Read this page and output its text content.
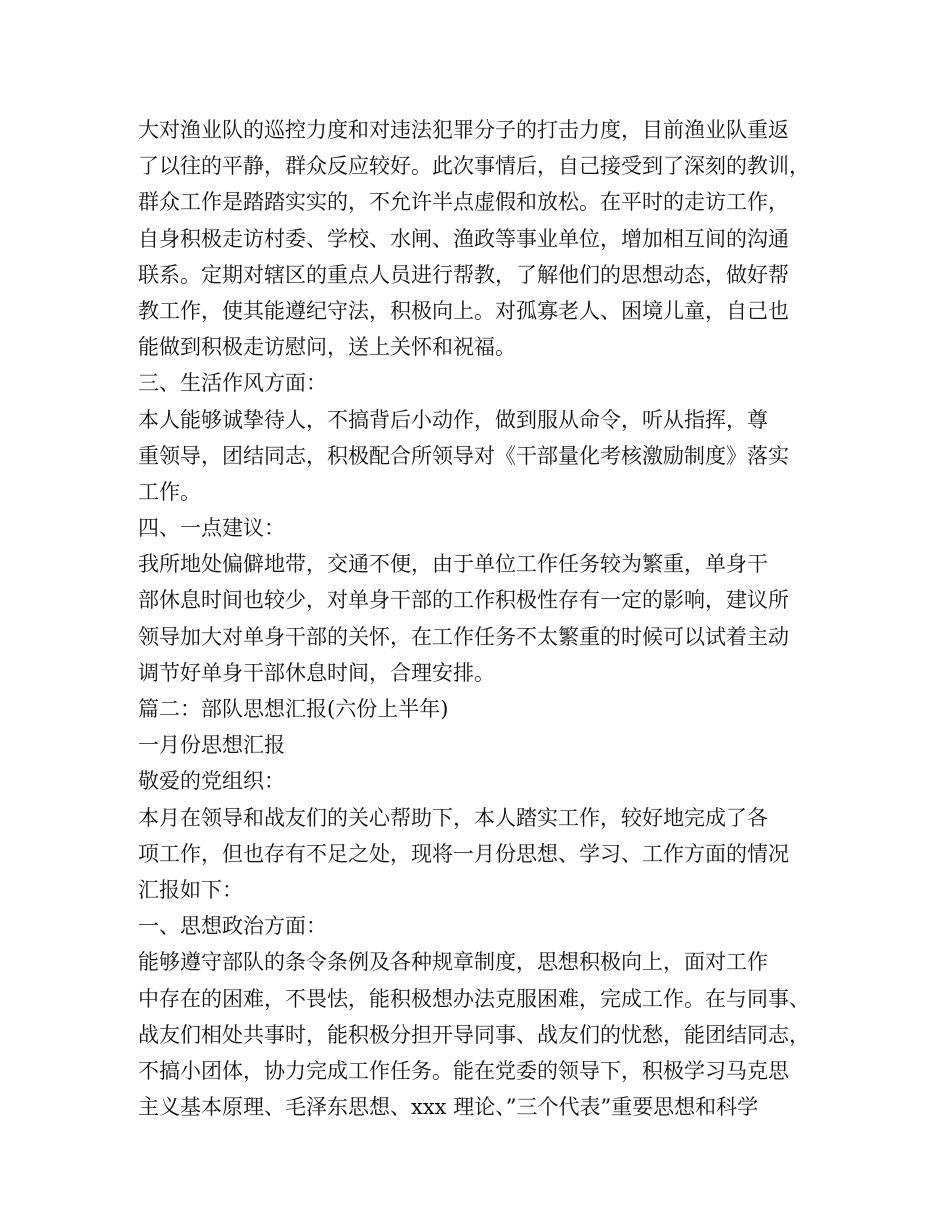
大对渔业队的巡控力度和对违法犯罪分子的打击力度，目前渔业队重返
了以往的平静，群众反应较好。此次事情后，自己接受到了深刻的教训，
群众工作是踏踏实实的，不允许半点虚假和放松。在平时的走访工作，
自身积极走访村委、学校、水闸、渔政等事业单位，增加相互间的沟通
联系。定期对辖区的重点人员进行帮教，了解他们的思想动态，做好帮
教工作，使其能遵纪守法，积极向上。对孤寡老人、困境儿童，自己也
能做到积极走访慰问，送上关怀和祝福。
三、生活作风方面：
本人能够诚挚待人，不搞背后小动作，做到服从命令，听从指挥，尊
重领导，团结同志，积极配合所领导对《干部量化考核激励制度》落实
工作。
四、一点建议：
我所地处偏僻地带，交通不便，由于单位工作任务较为繁重，单身干
部休息时间也较少，对单身干部的工作积极性存有一定的影响，建议所
领导加大对单身干部的关怀，在工作任务不太繁重的时候可以试着主动
调节好单身干部休息时间，合理安排。
篇二：部队思想汇报(六份上半年)
一月份思想汇报
敬爱的党组织：
本月在领导和战友们的关心帮助下，本人踏实工作，较好地完成了各
项工作，但也存有不足之处，现将一月份思想、学习、工作方面的情况
汇报如下：
一、思想政治方面：
能够遵守部队的条令条例及各种规章制度，思想积极向上，面对工作
中存在的困难，不畏怯，能积极想办法克服困难，完成工作。在与同事、
战友们相处共事时，能积极分担开导同事、战友们的忧愁，能团结同志，
不搞小团体，协力完成工作任务。能在党委的领导下，积极学习马克思
主义基本原理、毛泽东思想、xxx 理论、”三个代表”重要思想和科学
